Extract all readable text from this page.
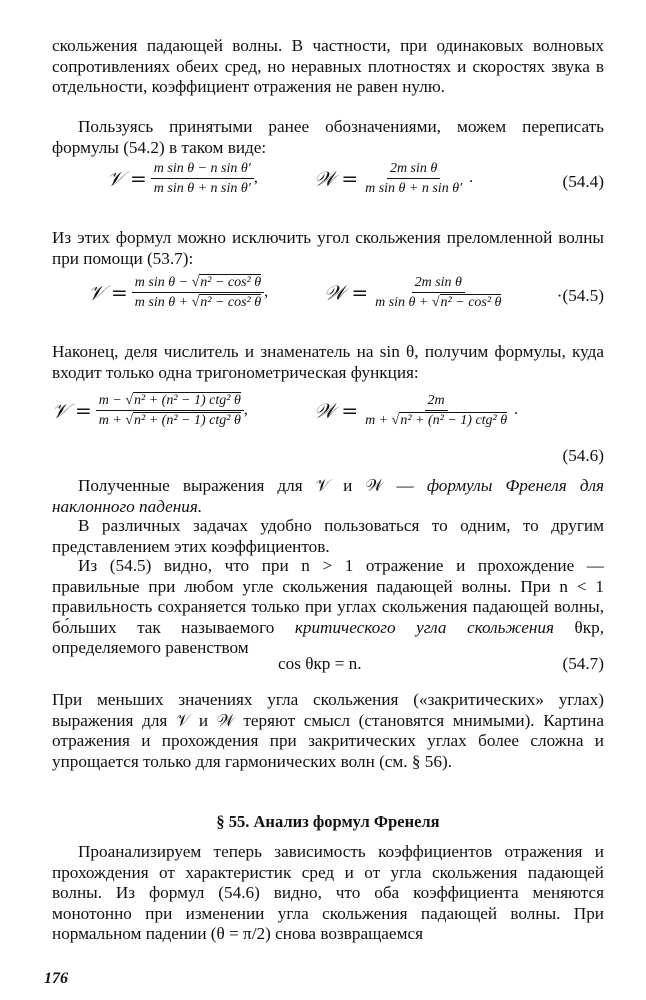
скольжения падающей волны. В частности, при одинаковых волновых сопротивлениях обеих сред, но неравных плотностях и скоростях звука в отдельности, коэффициент отражения не равен нулю.

Пользуясь принятыми ранее обозначениями, можем переписать формулы (54.2) в таком виде:

𝒱 = $\frac{\text{m sin θ − n sin θ′}}{\text{m sin θ + n sin θ′}}$ ,	𝒲 = $\frac{\text{2m sin θ}}{\text{m sin θ + n sin θ′}}$ .	(54.4)

Из этих формул можно исключить угол скольжения преломленной волны при помощи (53.7):

𝒱 = $\frac{\text{m sin θ − √n² − cos² θ}}{\text{m sin θ + √n² − cos² θ}}$ ,	𝒲 = $\frac{\text{2m sin θ}}{\text{m sin θ + √n² − cos² θ}}$	·(54.5)

Наконец, деля числитель и знаменатель на sin θ, получим формулы, куда входит только одна тригонометрическая функция:

𝒱 = $\frac{\text{m − √n² + (n² − 1) ctg² θ}}{\text{m + √n² + (n² − 1) ctg² θ}}$ ,	𝒲 = $\frac{2m}{\text{m + √n² + (n² − 1) ctg² θ}}$ .
(54.6)

Полученные выражения для 𝒱 и 𝒲 — формулы Френеля для наклонного падения.

В различных задачах удобно пользоваться то одним, то другим представлением этих коэффициентов.

Из (54.5) видно, что при n > 1 отражение и прохождение — правильные при любом угле скольжения падающей волны. При n < 1 правильность сохраняется только при углах скольжения падающей волны, бо́льших так называемого критического угла скольжения θкр, определяемого равенством

cos θкр = n.	(54.7)

При меньших значениях угла скольжения («закритических» углах) выражения для 𝒱 и 𝒲 теряют смысл (становятся мнимыми). Картина отражения и прохождения при закритических углах более сложна и упрощается только для гармонических волн (см. § 56).

§ 55. Анализ формул Френеля

Проанализируем теперь зависимость коэффициентов отражения и прохождения от характеристик сред и от угла скольжения падающей волны. Из формул (54.6) видно, что оба коэффициента меняются монотонно при изменении угла скольжения падающей волны. При нормальном падении (θ = π/2) снова возвращаемся

176
